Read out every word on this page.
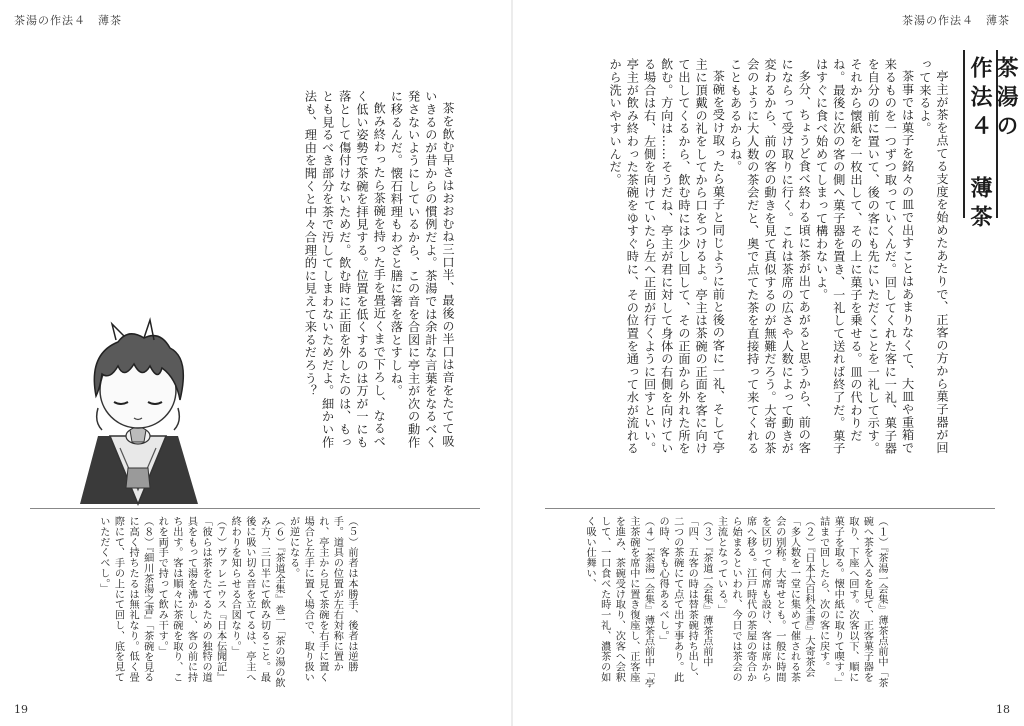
茶湯の作法４　薄茶	茶湯の作法４　薄茶
茶湯の作法４
薄茶

亭主が茶を点てる支度を始めたあたりで、正客の方から菓子器が回って来るよ。

茶事では菓子を銘々の皿で出すことはあまりなくて、大皿や重箱で来るものを一つずつ取っていくんだ。回してくれた客に一礼、菓子器を自分の前に置いて、後の客にも先にいただくことを一礼して示す。それから懐紙を一枚出して、その上に菓子を乗せる。皿の代わりだね。最後に次の客の側へ菓子器を置き、一礼して送れば終了だ。菓子はすぐに食べ始めてしまって構わないよ。

多分、ちょうど食べ終わる頃に茶が出てあがると思うから、前の客にならって受け取りに行く。これは茶席の広さや人数によって動きが変わるから、前の客の動きを見て真似するのが無難だろう。大寄の茶会のように大人数の茶会だと、奥で点てた茶を直接持って来てくれることもあるからね。

茶碗を受け取ったら菓子と同じように前と後の客に一礼、そして亭主に頂戴の礼をしてから口をつけるよ。亭主は茶碗の正面を客に向けて出してくるから、飲む時には少し回して、その正面から外れた所を飲む。方向は……そうだね、亭主が君に対して身体の右側を向けている場合は右、左側を向けていたら左へ正面が行くように回すといい。亭主が飲み終わった茶碗をゆすぐ時に、その位置を通って水が流れるから洗いやすいんだ。

茶を飲む早さはおおむね三口半、最後の半口は音をたてて吸いきるのが昔からの慣例だよ。茶湯では余計な言葉をなるべく発さないようにしているから、この音を合図に亭主が次の動作に移るんだ。懐石料理もわざと膳に箸を落とすしね。

飲み終わったら茶碗を持った手を畳近くまで下ろし、なるべく低い姿勢で茶碗を拝見する。位置を低くするのは万が一にも落として傷付けないためだ。飲む時に正面を外したのは、もっとも見るべき部分を茶で汚してしまわないためだよ。細かい作法も、理由を聞くと中々合理的に見えて来るだろう？

（１）『茶湯一会集』薄茶点前中「茶碗へ茶を入るを見て、正客菓子器を取り、下座へ回す。次客以下、順に菓子を取る。懐中紙に取りて喫す。」詰まで回したら、次の客に戻す。

（２）『日本大百科全書』大寄茶会「多人数を一堂に集めて催される茶会の別称。大寄せとも。一般に時間を区切って何席も設け、客は席から席へ移る。江戸時代の茶屋の寄合から始まるといわれ、今日では茶会の主流となっている。」

（３）『茶道一会集』薄茶点前中「四、五客の時は替茶碗持ち出し、二つの茶碗にて点て出す事あり。此の時、客も心得あるべし。」

（４）『茶湯一会集』薄茶点前中「亭主茶碗を席中に置き復座し、正客座を進み、茶碗受け取り、次客へ会釈して、一口食べた時一礼、濃茶の如く吸い仕舞い、

（５）前者は本勝手、後者は逆勝手。道具の位置が左右対称に置かれ、亭主から見て茶碗を右手に置く場合と左手に置く場合で、取り扱いが逆になる。

（６）『茶道全集』巻一「茶の湯の飲み方、三口半にて飲み切ること。最後に吸い切る音を立てるは、亭主へ終わりを知らせる合図なり。」

（７）ヴァレニウス『日本伝聞記』「彼らは茶をたてるための独特の道具をもって湯を沸かし、客の前に持ち出す。客は順々に茶碗を取り、これを両手で持って飲み干す。」

（８）『細川茶湯之書』「茶碗を見るに高く持ちたるは無礼なり。低く畳際にて、手の上にて回し、底を見ていただくべし。」

19	18
